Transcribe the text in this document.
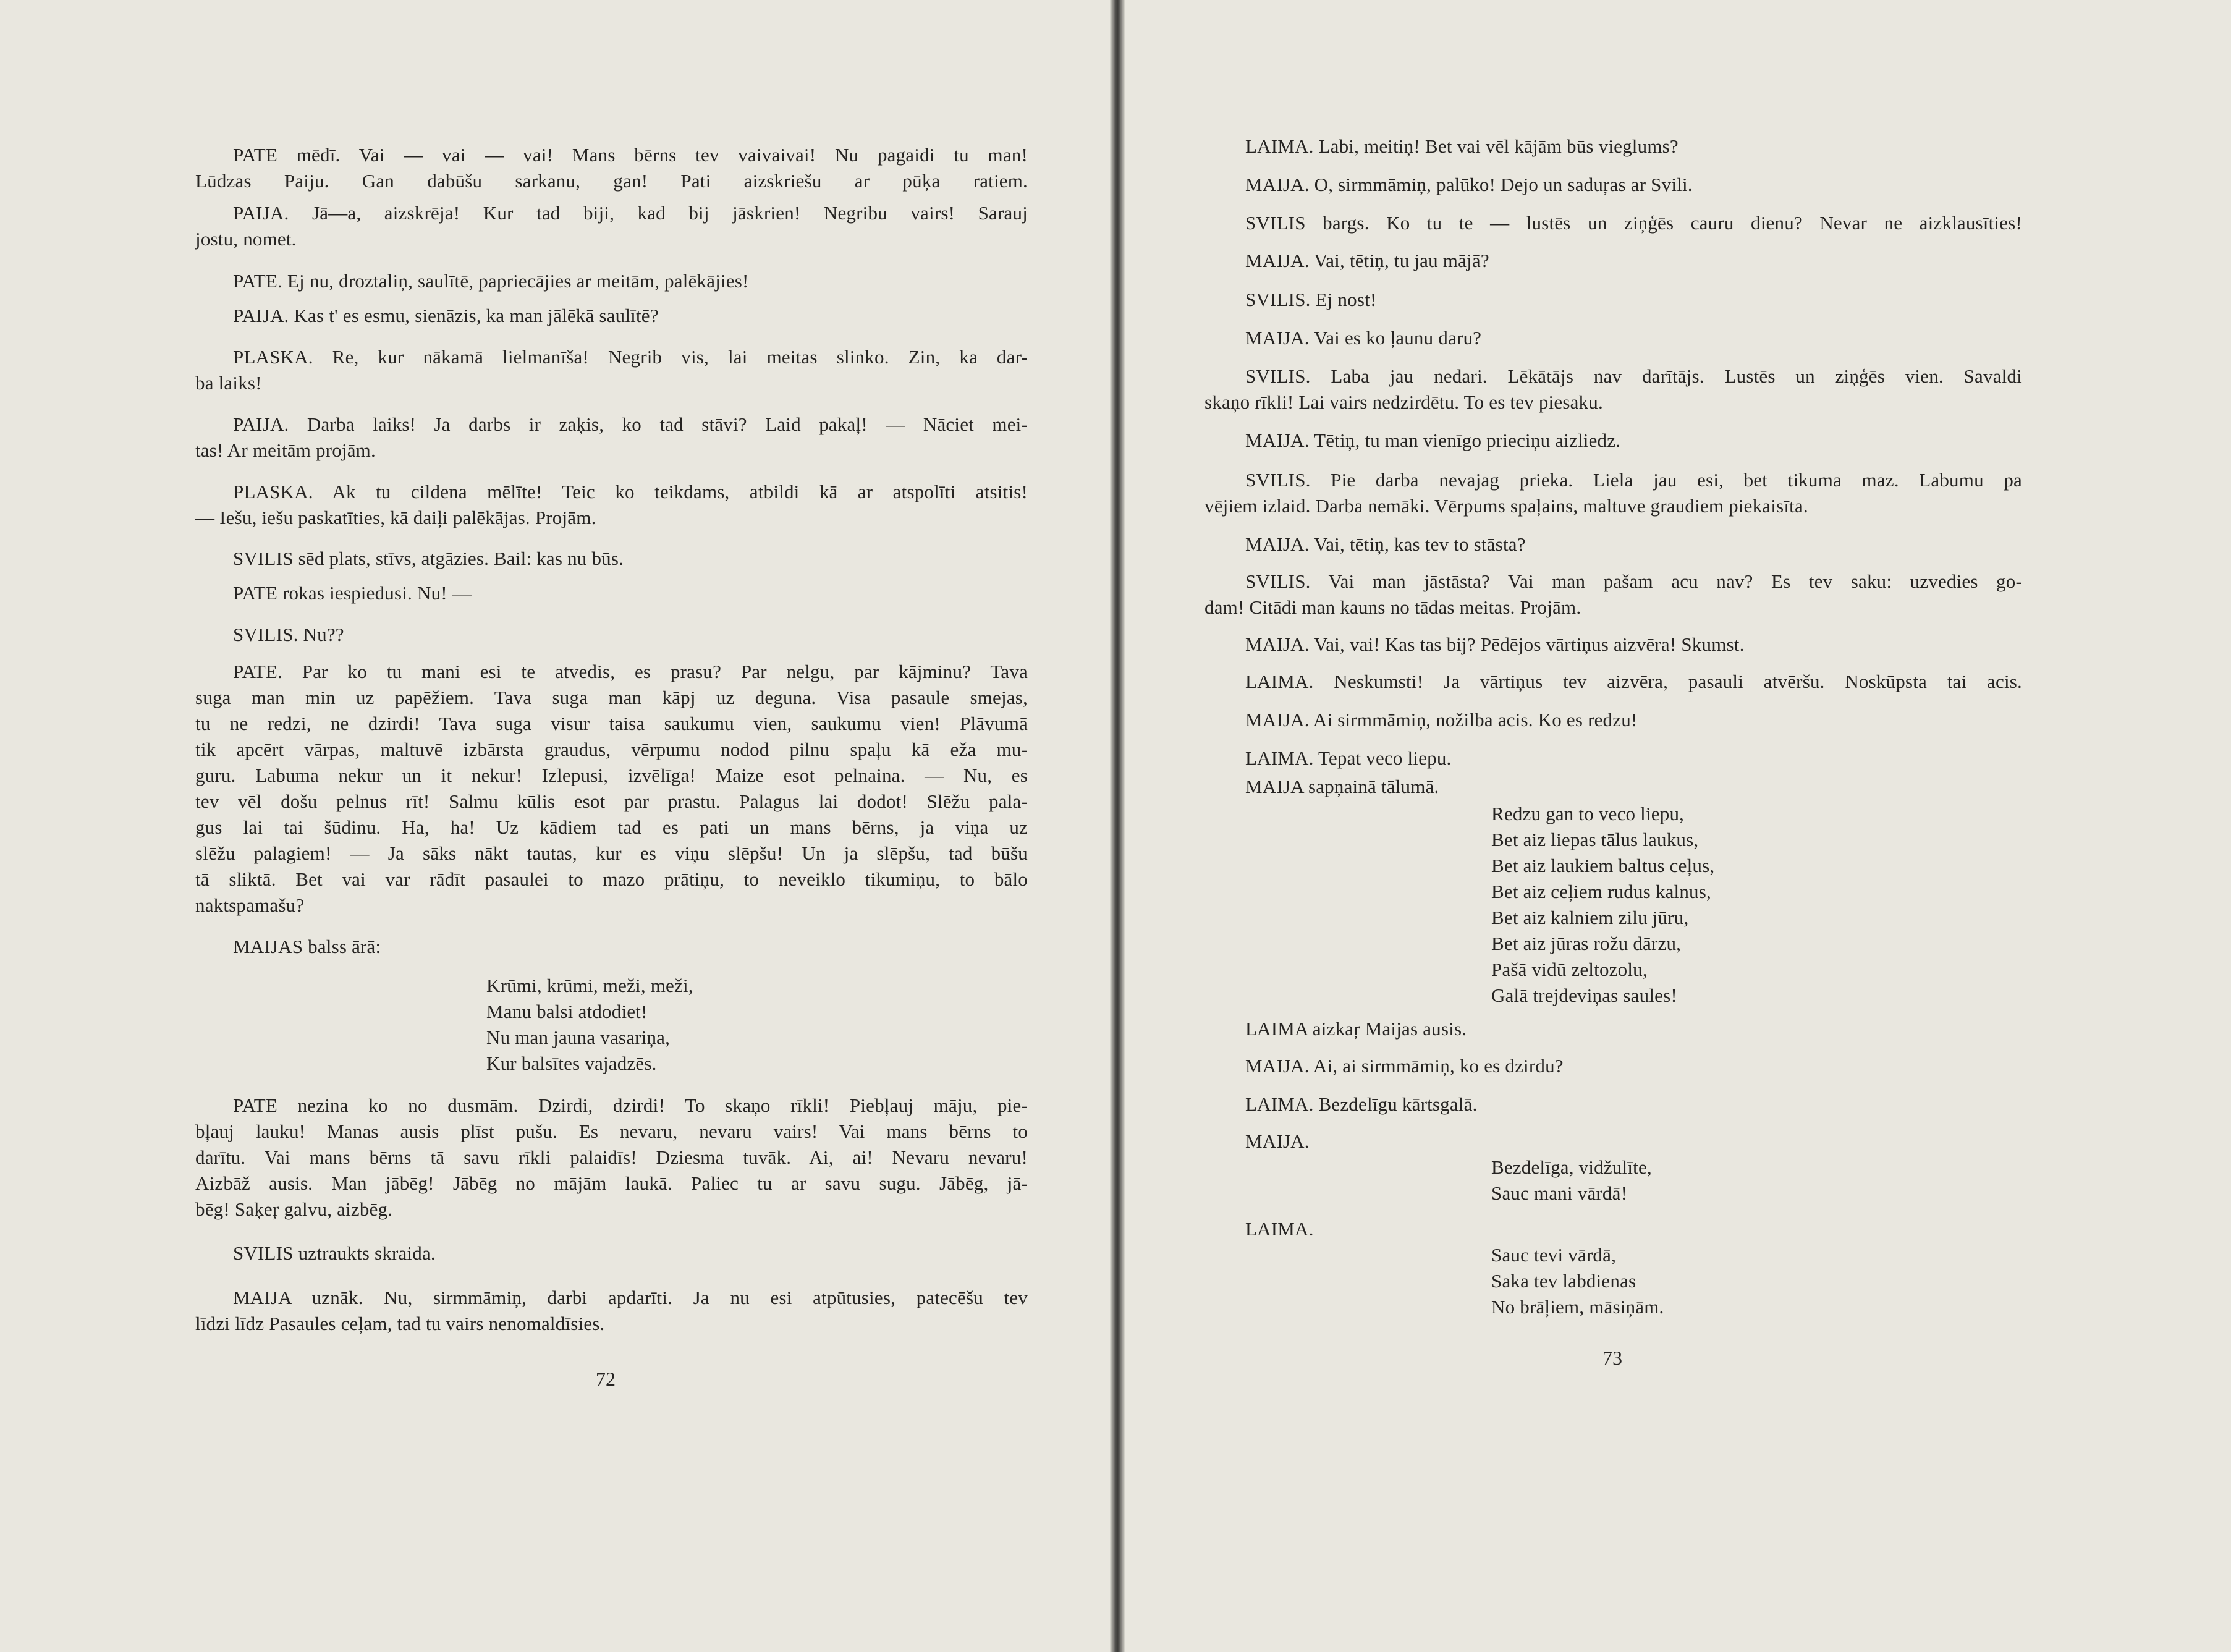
PATE mēdī. Vai — vai — vai! Mans bērns tev vaivaivai! Nu pagaidi tu man!
Lūdzas Paiju. Gan dabūšu sarkanu, gan! Pati aizskriešu ar pūķa ratiem.
PAIJA. Jā—a, aizskrēja! Kur tad biji, kad bij jāskrien! Negribu vairs! Sarauj
jostu, nomet.
PATE. Ej nu, droztaliņ, saulītē, papriecājies ar meitām, palēkājies!
PAIJA. Kas t' es esmu, sienāzis, ka man jālēkā saulītē?
PLASKA. Re, kur nākamā lielmanīša! Negrib vis, lai meitas slinko. Zin, ka dar-
ba laiks!
PAIJA. Darba laiks! Ja darbs ir zaķis, ko tad stāvi? Laid pakaļ! — Nāciet mei-
tas! Ar meitām projām.
PLASKA. Ak tu cildena mēlīte! Teic ko teikdams, atbildi kā ar atspolīti atsitis!
— Iešu, iešu paskatīties, kā daiļi palēkājas. Projām.
SVILIS sēd plats, stīvs, atgāzies. Bail: kas nu būs.
PATE rokas iespiedusi. Nu! —
SVILIS. Nu??
PATE. Par ko tu mani esi te atvedis, es prasu? Par nelgu, par kājminu? Tava
suga man min uz papēžiem. Tava suga man kāpj uz deguna. Visa pasaule smejas,
tu ne redzi, ne dzirdi! Tava suga visur taisa saukumu vien, saukumu vien! Plāvumā
tik apcērt vārpas, maltuvē izbārsta graudus, vērpumu nodod pilnu spaļu kā eža mu-
guru. Labuma nekur un it nekur! Izlepusi, izvēlīga! Maize esot pelnaina. — Nu, es
tev vēl došu pelnus rīt! Salmu kūlis esot par prastu. Palagus lai dodot! Slēžu pala-
gus lai tai šūdinu. Ha, ha! Uz kādiem tad es pati un mans bērns, ja viņa uz
slēžu palagiem! — Ja sāks nākt tautas, kur es viņu slēpšu! Un ja slēpšu, tad būšu
tā sliktā. Bet vai var rādīt pasaulei to mazo prātiņu, to neveiklo tikumiņu, to bālo
naktspamašu?
MAIJAS balss ārā:
Krūmi, krūmi, meži, meži,
Manu balsi atdodiet!
Nu man jauna vasariņa,
Kur balsītes vajadzēs.
PATE nezina ko no dusmām. Dzirdi, dzirdi! To skaņo rīkli! Piebļauj māju, pie-
bļauj lauku! Manas ausis plīst pušu. Es nevaru, nevaru vairs! Vai mans bērns to
darītu. Vai mans bērns tā savu rīkli palaidīs! Dziesma tuvāk. Ai, ai! Nevaru nevaru!
Aizbāž ausis. Man jābēg! Jābēg no mājām laukā. Paliec tu ar savu sugu. Jābēg, jā-
bēg! Saķeŗ galvu, aizbēg.
SVILIS uztraukts skraida.
MAIJA uznāk. Nu, sirmmāmiņ, darbi apdarīti. Ja nu esi atpūtusies, patecēšu tev
līdzi līdz Pasaules ceļam, tad tu vairs nenomaldīsies.
72
LAIMA. Labi, meitiņ! Bet vai vēl kājām būs vieglums?
MAIJA. O, sirmmāmiņ, palūko! Dejo un saduŗas ar Svili.
SVILIS bargs. Ko tu te — lustēs un ziņģēs cauru dienu? Nevar ne aizklausīties!
MAIJA. Vai, tētiņ, tu jau mājā?
SVILIS. Ej nost!
MAIJA. Vai es ko ļaunu daru?
SVILIS. Laba jau nedari. Lēkātājs nav darītājs. Lustēs un ziņģēs vien. Savaldi
skaņo rīkli! Lai vairs nedzirdētu. To es tev piesaku.
MAIJA. Tētiņ, tu man vienīgo prieciņu aizliedz.
SVILIS. Pie darba nevajag prieka. Liela jau esi, bet tikuma maz. Labumu pa
vējiem izlaid. Darba nemāki. Vērpums spaļains, maltuve graudiem piekaisīta.
MAIJA. Vai, tētiņ, kas tev to stāsta?
SVILIS. Vai man jāstāsta? Vai man pašam acu nav? Es tev saku: uzvedies go-
dam! Citādi man kauns no tādas meitas. Projām.
MAIJA. Vai, vai! Kas tas bij? Pēdējos vārtiņus aizvēra! Skumst.
LAIMA. Neskumsti! Ja vārtiņus tev aizvēra, pasauli atvēršu. Noskūpsta tai acis.
MAIJA. Ai sirmmāmiņ, nožilba acis. Ko es redzu!
LAIMA. Tepat veco liepu.
MAIJA sapņainā tālumā.
Redzu gan to veco liepu,
Bet aiz liepas tālus laukus,
Bet aiz laukiem baltus ceļus,
Bet aiz ceļiem rudus kalnus,
Bet aiz kalniem zilu jūru,
Bet aiz jūras rožu dārzu,
Pašā vidū zeltozolu,
Galā trejdeviņas saules!
LAIMA aizkaŗ Maijas ausis.
MAIJA. Ai, ai sirmmāmiņ, ko es dzirdu?
LAIMA. Bezdelīgu kārtsgalā.
MAIJA.
Bezdelīga, vidžulīte,
Sauc mani vārdā!
LAIMA.
Sauc tevi vārdā,
Saka tev labdienas
No brāļiem, māsiņām.
73
